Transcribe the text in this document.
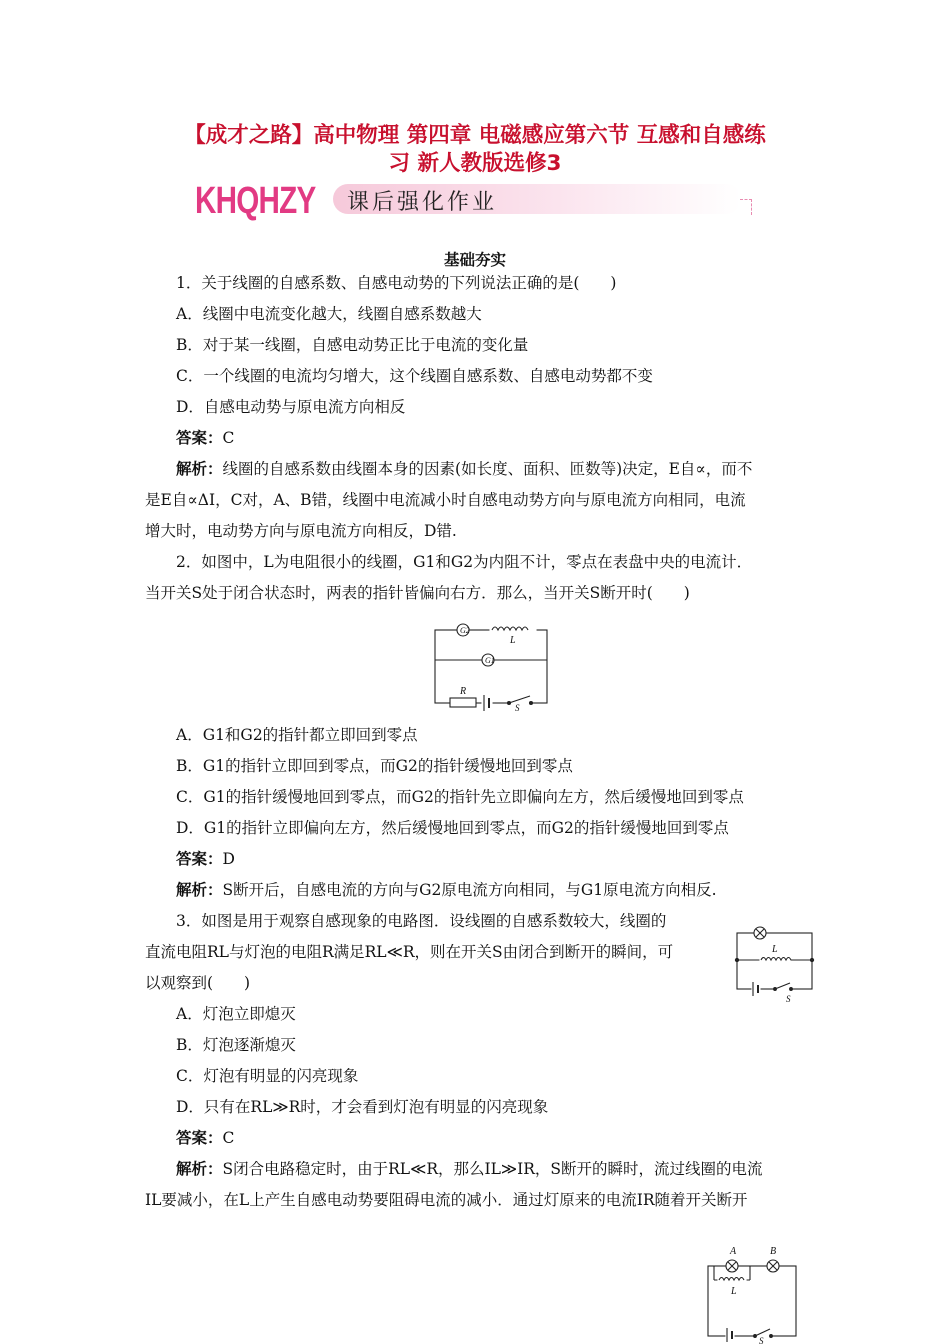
【成才之路】高中物理 第四章 电磁感应第六节 互感和自感练
习 新人教版选修3
课后强化作业
KHQHZY
基础夯实
1．关于线圈的自感系数、自感电动势的下列说法正确的是(　　)
A．线圈中电流变化越大，线圈自感系数越大
B．对于某一线圈，自感电动势正比于电流的变化量
C．一个线圈的电流均匀增大，这个线圈自感系数、自感电动势都不变
D．自感电动势与原电流方向相反
答案：C
解析：线圈的自感系数由线圈本身的因素(如长度、面积、匝数等)决定，E自∝，而不
是E自∝ΔI，C对，A、B错，线圈中电流减小时自感电动势方向与原电流方向相同，电流
增大时，电动势方向与原电流方向相反，D错.
2．如图中，L为电阻很小的线圈，G1和G2为内阻不计，零点在表盘中央的电流计．
当开关S处于闭合状态时，两表的指针皆偏向右方．那么，当开关S断开时(　　)
G2
G1
L
R
S
A．G1和G2的指针都立即回到零点
B．G1的指针立即回到零点，而G2的指针缓慢地回到零点
C．G1的指针缓慢地回到零点，而G2的指针先立即偏向左方，然后缓慢地回到零点
D．G1的指针立即偏向左方，然后缓慢地回到零点，而G2的指针缓慢地回到零点
答案：D
解析：S断开后，自感电流的方向与G2原电流方向相同，与G1原电流方向相反.
3．如图是用于观察自感现象的电路图．设线圈的自感系数较大，线圈的
直流电阻RL与灯泡的电阻R满足RL≪R，则在开关S由闭合到断开的瞬间，可
以观察到(　　)
L
S
A．灯泡立即熄灭
B．灯泡逐渐熄灭
C．灯泡有明显的闪亮现象
D．只有在RL≫R时，才会看到灯泡有明显的闪亮现象
答案：C
解析：S闭合电路稳定时，由于RL≪R，那么IL≫IR，S断开的瞬时，流过线圈的电流
IL要减小，在L上产生自感电动势要阻碍电流的减小．通过灯原来的电流IR随着开关断开
A	B
L
S
